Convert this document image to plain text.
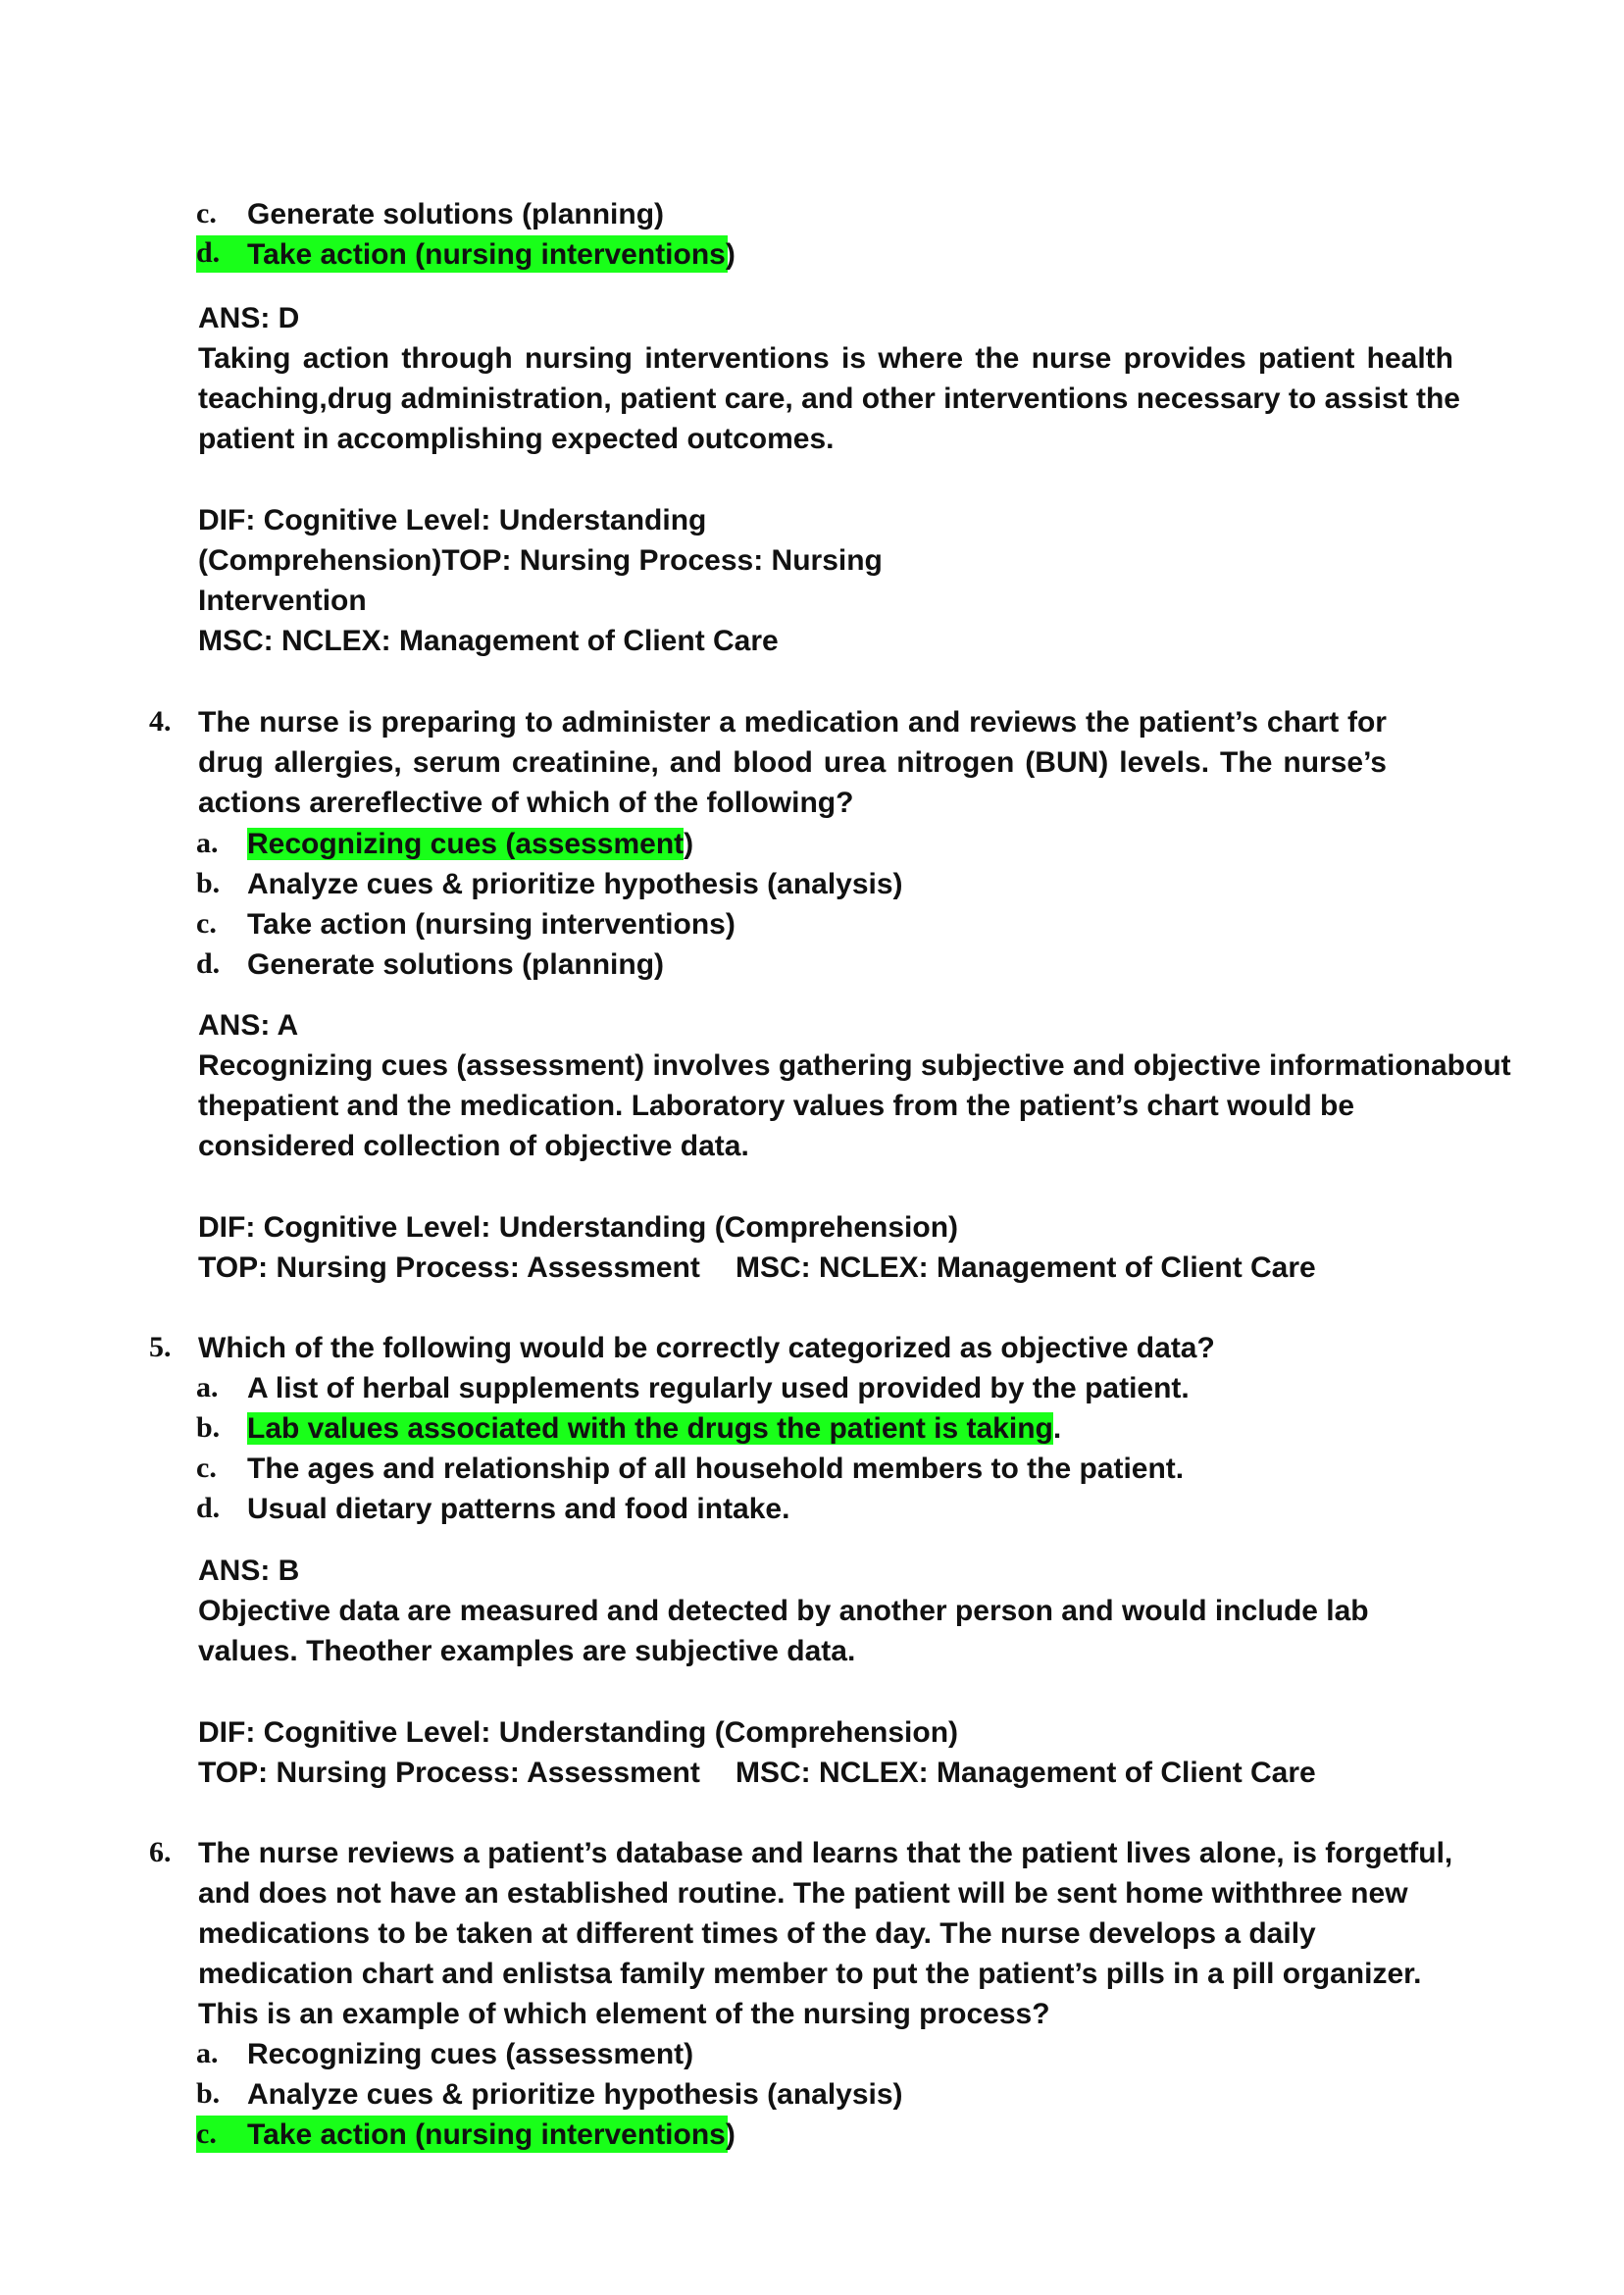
c. Generate solutions (planning)
d. Take action (nursing interventions)
ANS: D
Taking action through nursing interventions is where the nurse provides patient health
teaching,drug administration, patient care, and other interventions necessary to assist the
patient in accomplishing expected outcomes.
DIF: Cognitive Level: Understanding
(Comprehension)TOP: Nursing Process: Nursing
Intervention
MSC: NCLEX: Management of Client Care
4. The nurse is preparing to administer a medication and reviews the patient’s chart for
drug allergies, serum creatinine, and blood urea nitrogen (BUN) levels. The nurse’s
actions arereflective of which of the following?
a. Recognizing cues (assessment)
b. Analyze cues & prioritize hypothesis (analysis)
c. Take action (nursing interventions)
d. Generate solutions (planning)
ANS: A
Recognizing cues (assessment) involves gathering subjective and objective informationabout
thepatient and the medication. Laboratory values from the patient’s chart would be
considered collection of objective data.
DIF: Cognitive Level: Understanding (Comprehension)
TOP: Nursing Process: Assessment MSC: NCLEX: Management of Client Care
5. Which of the following would be correctly categorized as objective data?
a. A list of herbal supplements regularly used provided by the patient.
b. Lab values associated with the drugs the patient is taking.
c. The ages and relationship of all household members to the patient.
d. Usual dietary patterns and food intake.
ANS: B
Objective data are measured and detected by another person and would include lab
values. Theother examples are subjective data.
DIF: Cognitive Level: Understanding (Comprehension)
TOP: Nursing Process: Assessment MSC: NCLEX: Management of Client Care
6. The nurse reviews a patient’s database and learns that the patient lives alone, is forgetful,
and does not have an established routine. The patient will be sent home withthree new
medications to be taken at different times of the day. The nurse develops a daily
medication chart and enlistsa family member to put the patient’s pills in a pill organizer.
This is an example of which element of the nursing process?
a. Recognizing cues (assessment)
b. Analyze cues & prioritize hypothesis (analysis)
c. Take action (nursing interventions)
